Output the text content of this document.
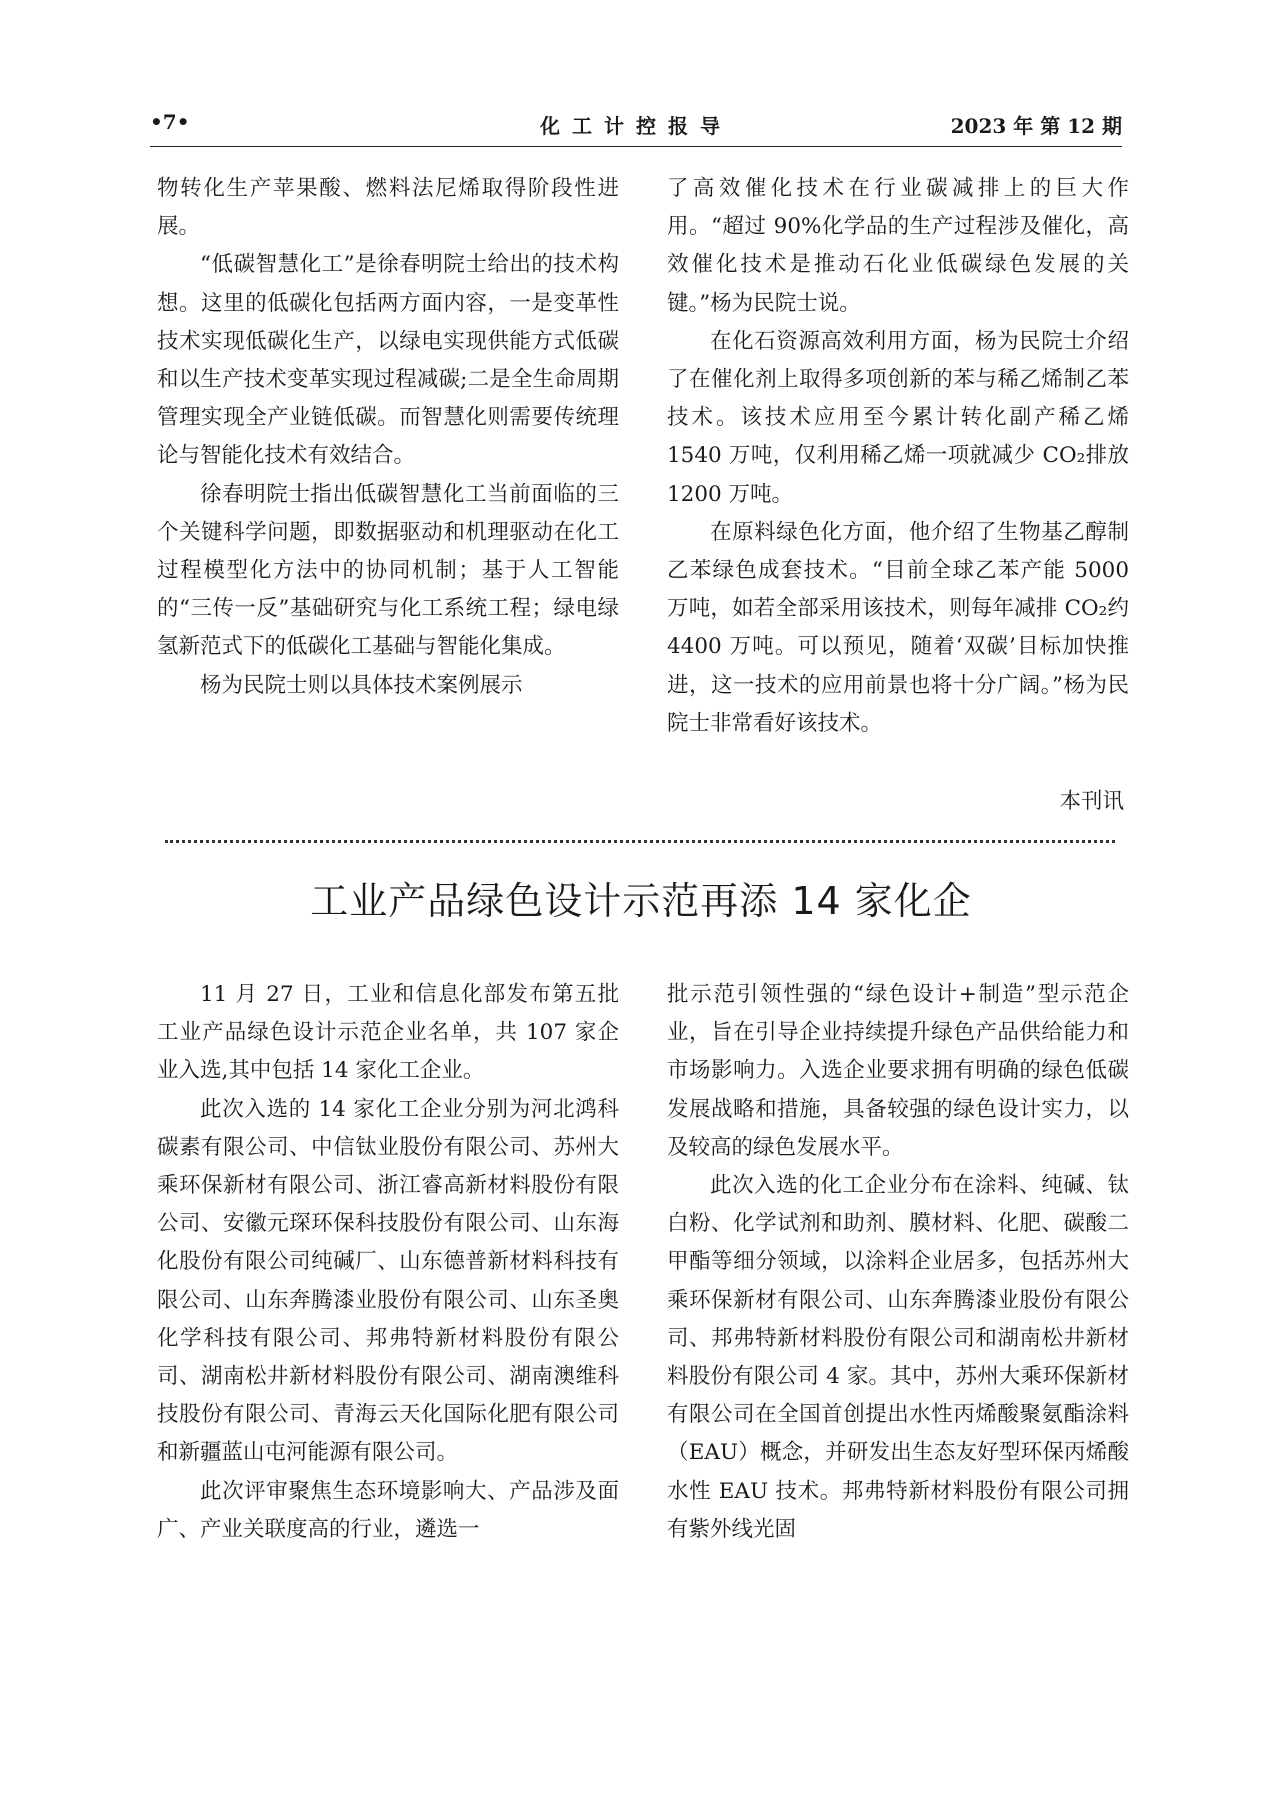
•7•	化工计控报导	2023 年 第 12 期

物转化生产苹果酸、燃料法尼烯取得阶段性进展。

“低碳智慧化工”是徐春明院士给出的技术构想。这里的低碳化包括两方面内容，一是变革性技术实现低碳化生产，以绿电实现供能方式低碳和以生产技术变革实现过程减碳;二是全生命周期管理实现全产业链低碳。而智慧化则需要传统理论与智能化技术有效结合。

徐春明院士指出低碳智慧化工当前面临的三个关键科学问题，即数据驱动和机理驱动在化工过程模型化方法中的协同机制；基于人工智能的“三传一反”基础研究与化工系统工程；绿电绿氢新范式下的低碳化工基础与智能化集成。

杨为民院士则以具体技术案例展示

了高效催化技术在行业碳减排上的巨大作用。“超过 90%化学品的生产过程涉及催化，高效催化技术是推动石化业低碳绿色发展的关键。”杨为民院士说。

在化石资源高效利用方面，杨为民院士介绍了在催化剂上取得多项创新的苯与稀乙烯制乙苯技术。该技术应用至今累计转化副产稀乙烯 1540 万吨，仅利用稀乙烯一项就减少 CO₂排放 1200 万吨。

在原料绿色化方面，他介绍了生物基乙醇制乙苯绿色成套技术。“目前全球乙苯产能 5000 万吨，如若全部采用该技术，则每年减排 CO₂约 4400 万吨。可以预见，随着‘双碳’目标加快推进，这一技术的应用前景也将十分广阔。”杨为民院士非常看好该技术。

本刊讯
工业产品绿色设计示范再添 14 家化企

11 月 27 日，工业和信息化部发布第五批工业产品绿色设计示范企业名单，共 107 家企业入选,其中包括 14 家化工企业。

此次入选的 14 家化工企业分别为河北鸿科碳素有限公司、中信钛业股份有限公司、苏州大乘环保新材有限公司、浙江睿高新材料股份有限公司、安徽元琛环保科技股份有限公司、山东海化股份有限公司纯碱厂、山东德普新材料科技有限公司、山东奔腾漆业股份有限公司、山东圣奥化学科技有限公司、邦弗特新材料股份有限公司、湖南松井新材料股份有限公司、湖南澳维科技股份有限公司、青海云天化国际化肥有限公司和新疆蓝山屯河能源有限公司。

此次评审聚焦生态环境影响大、产品涉及面广、产业关联度高的行业，遴选一

批示范引领性强的“绿色设计+制造”型示范企业，旨在引导企业持续提升绿色产品供给能力和市场影响力。入选企业要求拥有明确的绿色低碳发展战略和措施，具备较强的绿色设计实力，以及较高的绿色发展水平。

此次入选的化工企业分布在涂料、纯碱、钛白粉、化学试剂和助剂、膜材料、化肥、碳酸二甲酯等细分领域，以涂料企业居多，包括苏州大乘环保新材有限公司、山东奔腾漆业股份有限公司、邦弗特新材料股份有限公司和湖南松井新材料股份有限公司 4 家。其中，苏州大乘环保新材有限公司在全国首创提出水性丙烯酸聚氨酯涂料（EAU）概念，并研发出生态友好型环保丙烯酸水性 EAU 技术。邦弗特新材料股份有限公司拥有紫外线光固
